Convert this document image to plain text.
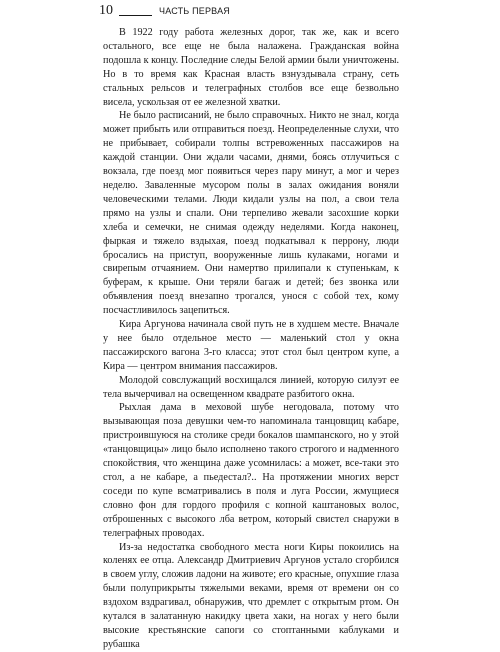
10	ЧАСТЬ ПЕРВАЯ

В 1922 году работа железных дорог, так же, как и всего остального, все еще не была налажена. Гражданская война подошла к концу. Последние следы Белой армии были уничтожены. Но в то время как Красная власть взнуздывала страну, сеть стальных рельсов и телеграфных столбов все еще безвольно висела, ускользая от ее железной хватки.

Не было расписаний, не было справочных. Никто не знал, когда может прибыть или отправиться поезд. Неопределенные слухи, что не прибывает, собирали толпы встревоженных пассажиров на каждой станции. Они ждали часами, днями, боясь отлучиться с вокзала, где поезд мог появиться через пару минут, а мог и через неделю. Заваленные мусором полы в залах ожидания воняли человеческими телами. Люди кидали узлы на пол, а свои тела прямо на узлы и спали. Они терпеливо жевали засохшие корки хлеба и семечки, не снимая одежду неделями. Когда наконец, фыркая и тяжело вздыхая, поезд подкатывал к перрону, люди бросались на приступ, вооруженные лишь кулаками, ногами и свирепым отчаянием. Они намертво прилипали к ступенькам, к буферам, к крыше. Они теряли багаж и детей; без звонка или объявления поезд внезапно трогался, унося с собой тех, кому посчастливилось зацепиться.

Кира Аргунова начинала свой путь не в худшем месте. Вначале у нее было отдельное место — маленький стол у окна пассажирского вагона 3-го класса; этот стол был центром купе, а Кира — центром внимания пассажиров.

Молодой совслужащий восхищался линией, которую силуэт ее тела вычерчивал на освещенном квадрате разбитого окна.

Рыхлая дама в меховой шубе негодовала, потому что вызывающая поза девушки чем-то напоминала танцовщиц кабаре, пристроившуюся на столике среди бокалов шампанского, но у этой «танцовщицы» лицо было исполнено такого строгого и надменного спокойствия, что женщина даже усомнилась: а может, все-таки это стол, а не кабаре, а пьедестал?.. На протяжении многих верст соседи по купе всматривались в поля и луга России, жмущиеся словно фон для гордого профиля с копной каштановых волос, отброшенных с высокого лба ветром, который свистел снаружи в телеграфных проводах.

Из-за недостатка свободного места ноги Киры покоились на коленях ее отца. Александр Дмитриевич Аргунов устало сгорбился в своем углу, сложив ладони на животе; его красные, опухшие глаза были полуприкрыты тяжелыми веками, время от времени он со вздохом вздрагивал, обнаружив, что дремлет с открытым ртом. Он кутался в залатанную накидку цвета хаки, на ногах у него были высокие крестьянские сапоги со стоптанными каблуками и рубашка
